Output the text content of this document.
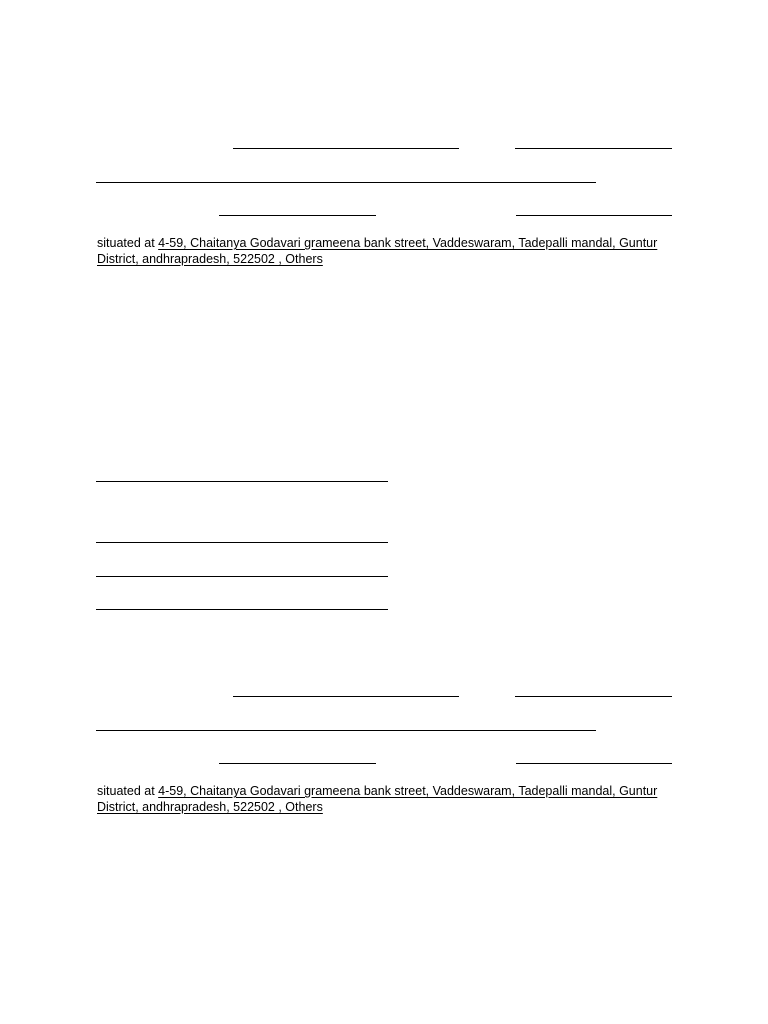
situated at 4-59, Chaitanya Godavari grameena bank street, Vaddeswaram, Tadepalli mandal, Guntur
District, andhrapradesh, 522502 , Others
situated at 4-59, Chaitanya Godavari grameena bank street, Vaddeswaram, Tadepalli mandal, Guntur
District, andhrapradesh, 522502 , Others
